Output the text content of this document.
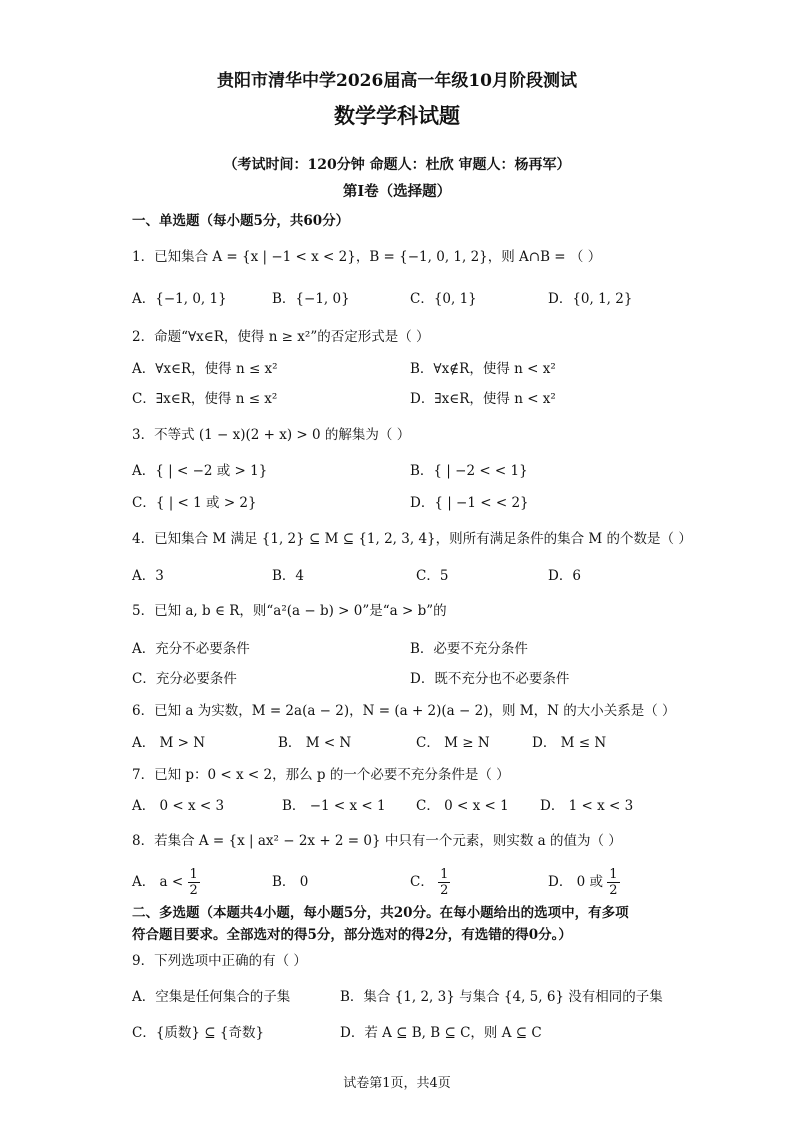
贵阳市清华中学2026届高一年级10月阶段测试
数学学科试题
（考试时间：120分钟 命题人：杜欣 审题人：杨再军）
第Ⅰ卷（选择题）
一、单选题（每小题5分，共60分）
1．已知集合 A = {x | −1 < x < 2}，B = {−1, 0, 1, 2}，则 A∩B = （ ）
A．{−1, 0, 1}	B．{−1, 0}	C．{0, 1}	D．{0, 1, 2}
2．命题“∀x∈R，使得 n ≥ x²”的否定形式是（ ）
A．∀x∈R，使得 n ≤ x²	B．∀x∉R，使得 n < x²
C．∃x∈R，使得 n ≤ x²	D．∃x∈R，使得 n < x²
3．不等式 (1 − x)(2 + x) > 0 的解集为（ ）
A．{ | < −2 或 > 1}	B．{ | −2 < < 1}
C．{ | < 1 或 > 2}	D．{ | −1 < < 2}
4．已知集合 M 满足 {1, 2} ⊆ M ⊆ {1, 2, 3, 4}，则所有满足条件的集合 M 的个数是（ ）
A．3	B．4	C．5	D．6
5．已知 a, b ∈ R，则“a²(a − b) > 0”是“a > b”的
A．充分不必要条件	B．必要不充分条件
C．充分必要条件	D．既不充分也不必要条件
6．已知 a 为实数，M = 2a(a − 2)，N = (a + 2)(a − 2)，则 M，N 的大小关系是（ ）
A． M > N	B． M < N	C． M ≥ N	D． M ≤ N
7．已知 p：0 < x < 2，那么 p 的一个必要不充分条件是（ ）
A． 0 < x < 3	B． −1 < x < 1 C． 0 < x < 1 D． 1 < x < 3
8．若集合 A = {x | ax² − 2x + 2 = 0} 中只有一个元素，则实数 a 的值为（ ）
A． $a < \frac{1}{2}$	B． 0	C． $\frac{1}{2}$	D． 0 或 $\frac{1}{2}$
二、多选题（本题共4小题，每小题5分，共20分。在每小题给出的选项中，有多项
符合题目要求。全部选对的得5分，部分选对的得2分，有选错的得0分。）
9．下列选项中正确的有（ ）
A．空集是任何集合的子集	B．集合 {1, 2, 3} 与集合 {4, 5, 6} 没有相同的子集
C．{质数} ⊆ {奇数}	D．若 A ⊆ B, B ⊆ C，则 A ⊆ C
试卷第1页，共4页
